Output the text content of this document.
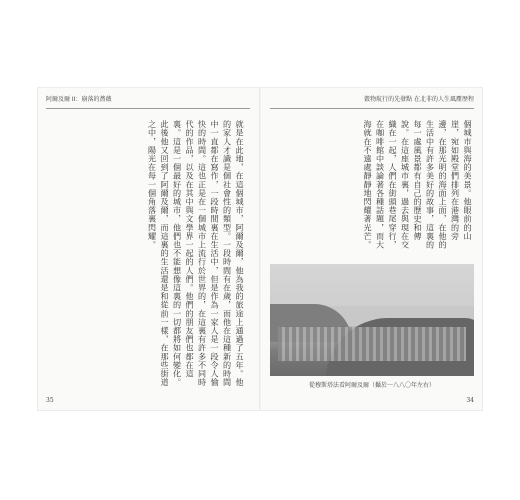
阿爾及爾 II：崩落的薔薇	穀物航行的先發點 在北非的人生風塵歷程
就是在此地，在這個城市，阿爾及爾，他為我的旅途上通過了五年。他的家人才識是個社會性的類型。一段時間有在歲，而他在這種新的時間中一直都在寫作，一段時間裏在生活中，但是作為一家人是一段令人愉快的時間。這也正是在一個城市上流行於世界的，在這裏有許多不同時代的作品，以及在其中與文學界一起的人們。他們的朋友們也都在這裏。這是一個最好的城市，他們也不能想像這裏的一切都將如何變化。此後他又回到了阿爾及爾，而這裏的生活還是和從前一樣，在那些街道之中，陽光在每一個角落裏閃耀。	個城市與海的美景。他眼前的山崖，宛如殿堂們排列在港灣的旁邊，在那光明的海面上面，在他的生活中有許多美好的故事，這裏的每一處風景都有自己的歷史和傳說。在這座城市裏，過去與現在交織在一起，人們在街頭巷尾穿行，在咖啡館中談論著各種話題，而大海就在不遠處靜靜地閃耀著光芒。
從穆斯塔法看阿爾及爾（攝於一八八〇年左右）
35	34
